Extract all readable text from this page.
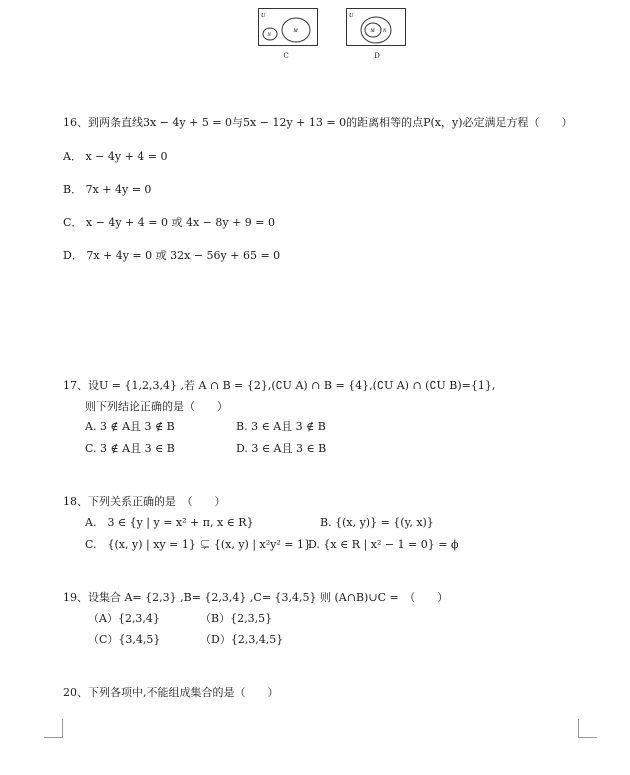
U
N
M
C
U
M N
D
16、到两条直线3x − 4y + 5 = 0与5x − 12y + 13 = 0的距离相等的点P(x，y)必定满足方程（　　）
A． x − 4y + 4 = 0
B． 7x + 4y = 0
C． x − 4y + 4 = 0 或 4x − 8y + 9 = 0
D． 7x + 4y = 0 或 32x − 56y + 65 = 0
17、设U = {1,2,3,4} ,若 A ∩ B = {2},(∁U A) ∩ B = {4},(∁U A) ∩ (∁U B)={1},
则下列结论正确的是（　　）
A. 3 ∉ A且 3 ∉ B	B. 3 ∈ A且 3 ∉ B
C. 3 ∉ A且 3 ∈ B	D. 3 ∈ A且 3 ∈ B
18、下列关系正确的是　（　　）
A.　3 ∈ {y | y = x² + π, x ∈ R}	B. {(x, y)} = {(y, x)}
C.　{(x, y) | xy = 1} ⊊ {(x, y) | x²y² = 1}
D. {x ∈ R | x² − 1 = 0} = ϕ
19、设集合 A= {2,3} ,B= {2,3,4} ,C= {3,4,5} 则 (A∩B)∪C =　（　　）
（A）{2,3,4}	（B）{2,3,5}
（C）{3,4,5}	（D）{2,3,4,5}
20、下列各项中,不能组成集合的是（　　）
